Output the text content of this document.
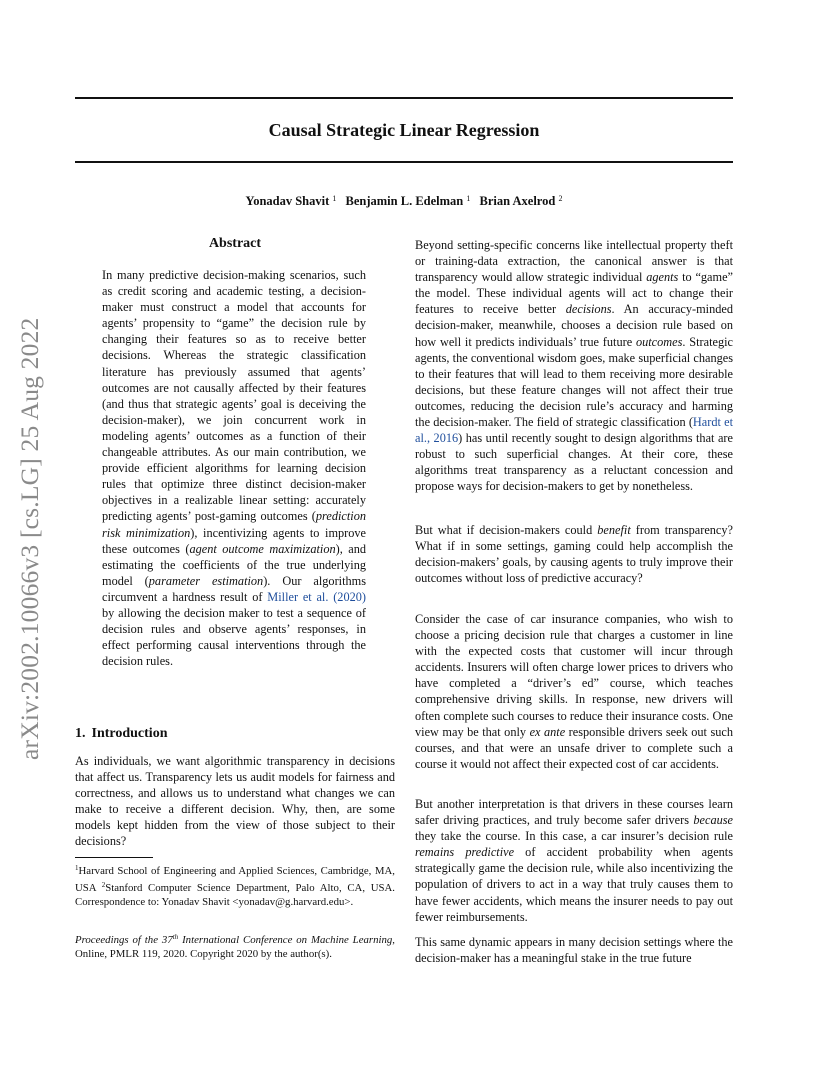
Causal Strategic Linear Regression
Yonadav Shavit $^1$ Benjamin L. Edelman $^1$ Brian Axelrod $^2$
arXiv:2002.10066v3 [cs.LG] 25 Aug 2022
Abstract

In many predictive decision-making scenarios, such as credit scoring and academic testing, a decision-maker must construct a model that accounts for agents’ propensity to “game” the decision rule by changing their features so as to receive better decisions. Whereas the strategic classification literature has previously assumed that agents’ outcomes are not causally affected by their features (and thus that strategic agents’ goal is deceiving the decision-maker), we join concurrent work in modeling agents’ outcomes as a function of their changeable attributes. As our main contribution, we provide efficient algorithms for learning decision rules that optimize three distinct decision-maker objectives in a realizable linear setting: accurately predicting agents’ post-gaming outcomes (prediction risk minimization), incentivizing agents to improve these outcomes (agent outcome maximization), and estimating the coefficients of the true underlying model (parameter estimation). Our algorithms circumvent a hardness result of Miller et al. (2020) by allowing the decision maker to test a sequence of decision rules and observe agents’ responses, in effect performing causal interventions through the decision rules.

1. Introduction

As individuals, we want algorithmic transparency in decisions that affect us. Transparency lets us audit models for fairness and correctness, and allows us to understand what changes we can make to receive a different decision. Why, then, are some models kept hidden from the view of those subject to their decisions?

$^1$Harvard School of Engineering and Applied Sciences, Cambridge, MA, USA $^2$Stanford Computer Science Department, Palo Alto, CA, USA. Correspondence to: Yonadav Shavit <yonadav@g.harvard.edu>.

Proceedings of the 37th International Conference on Machine Learning, Online, PMLR 119, 2020. Copyright 2020 by the author(s).

Beyond setting-specific concerns like intellectual property theft or training-data extraction, the canonical answer is that transparency would allow strategic individual agents to “game” the model. These individual agents will act to change their features to receive better decisions. An accuracy-minded decision-maker, meanwhile, chooses a decision rule based on how well it predicts individuals’ true future outcomes. Strategic agents, the conventional wisdom goes, make superficial changes to their features that will lead to them receiving more desirable decisions, but these feature changes will not affect their true outcomes, reducing the decision rule’s accuracy and harming the decision-maker. The field of strategic classification (Hardt et al., 2016) has until recently sought to design algorithms that are robust to such superficial changes. At their core, these algorithms treat transparency as a reluctant concession and propose ways for decision-makers to get by nonetheless.

But what if decision-makers could benefit from transparency? What if in some settings, gaming could help accomplish the decision-makers’ goals, by causing agents to truly improve their outcomes without loss of predictive accuracy?

Consider the case of car insurance companies, who wish to choose a pricing decision rule that charges a customer in line with the expected costs that customer will incur through accidents. Insurers will often charge lower prices to drivers who have completed a “driver’s ed” course, which teaches comprehensive driving skills. In response, new drivers will often complete such courses to reduce their insurance costs. One view may be that only ex ante responsible drivers seek out such courses, and that were an unsafe driver to complete such a course it would not affect their expected cost of car accidents.

But another interpretation is that drivers in these courses learn safer driving practices, and truly become safer drivers because they take the course. In this case, a car insurer’s decision rule remains predictive of accident probability when agents strategically game the decision rule, while also incentivizing the population of drivers to act in a way that truly causes them to have fewer accidents, which means the insurer needs to pay out fewer reimbursements.

This same dynamic appears in many decision settings where the decision-maker has a meaningful stake in the true future
